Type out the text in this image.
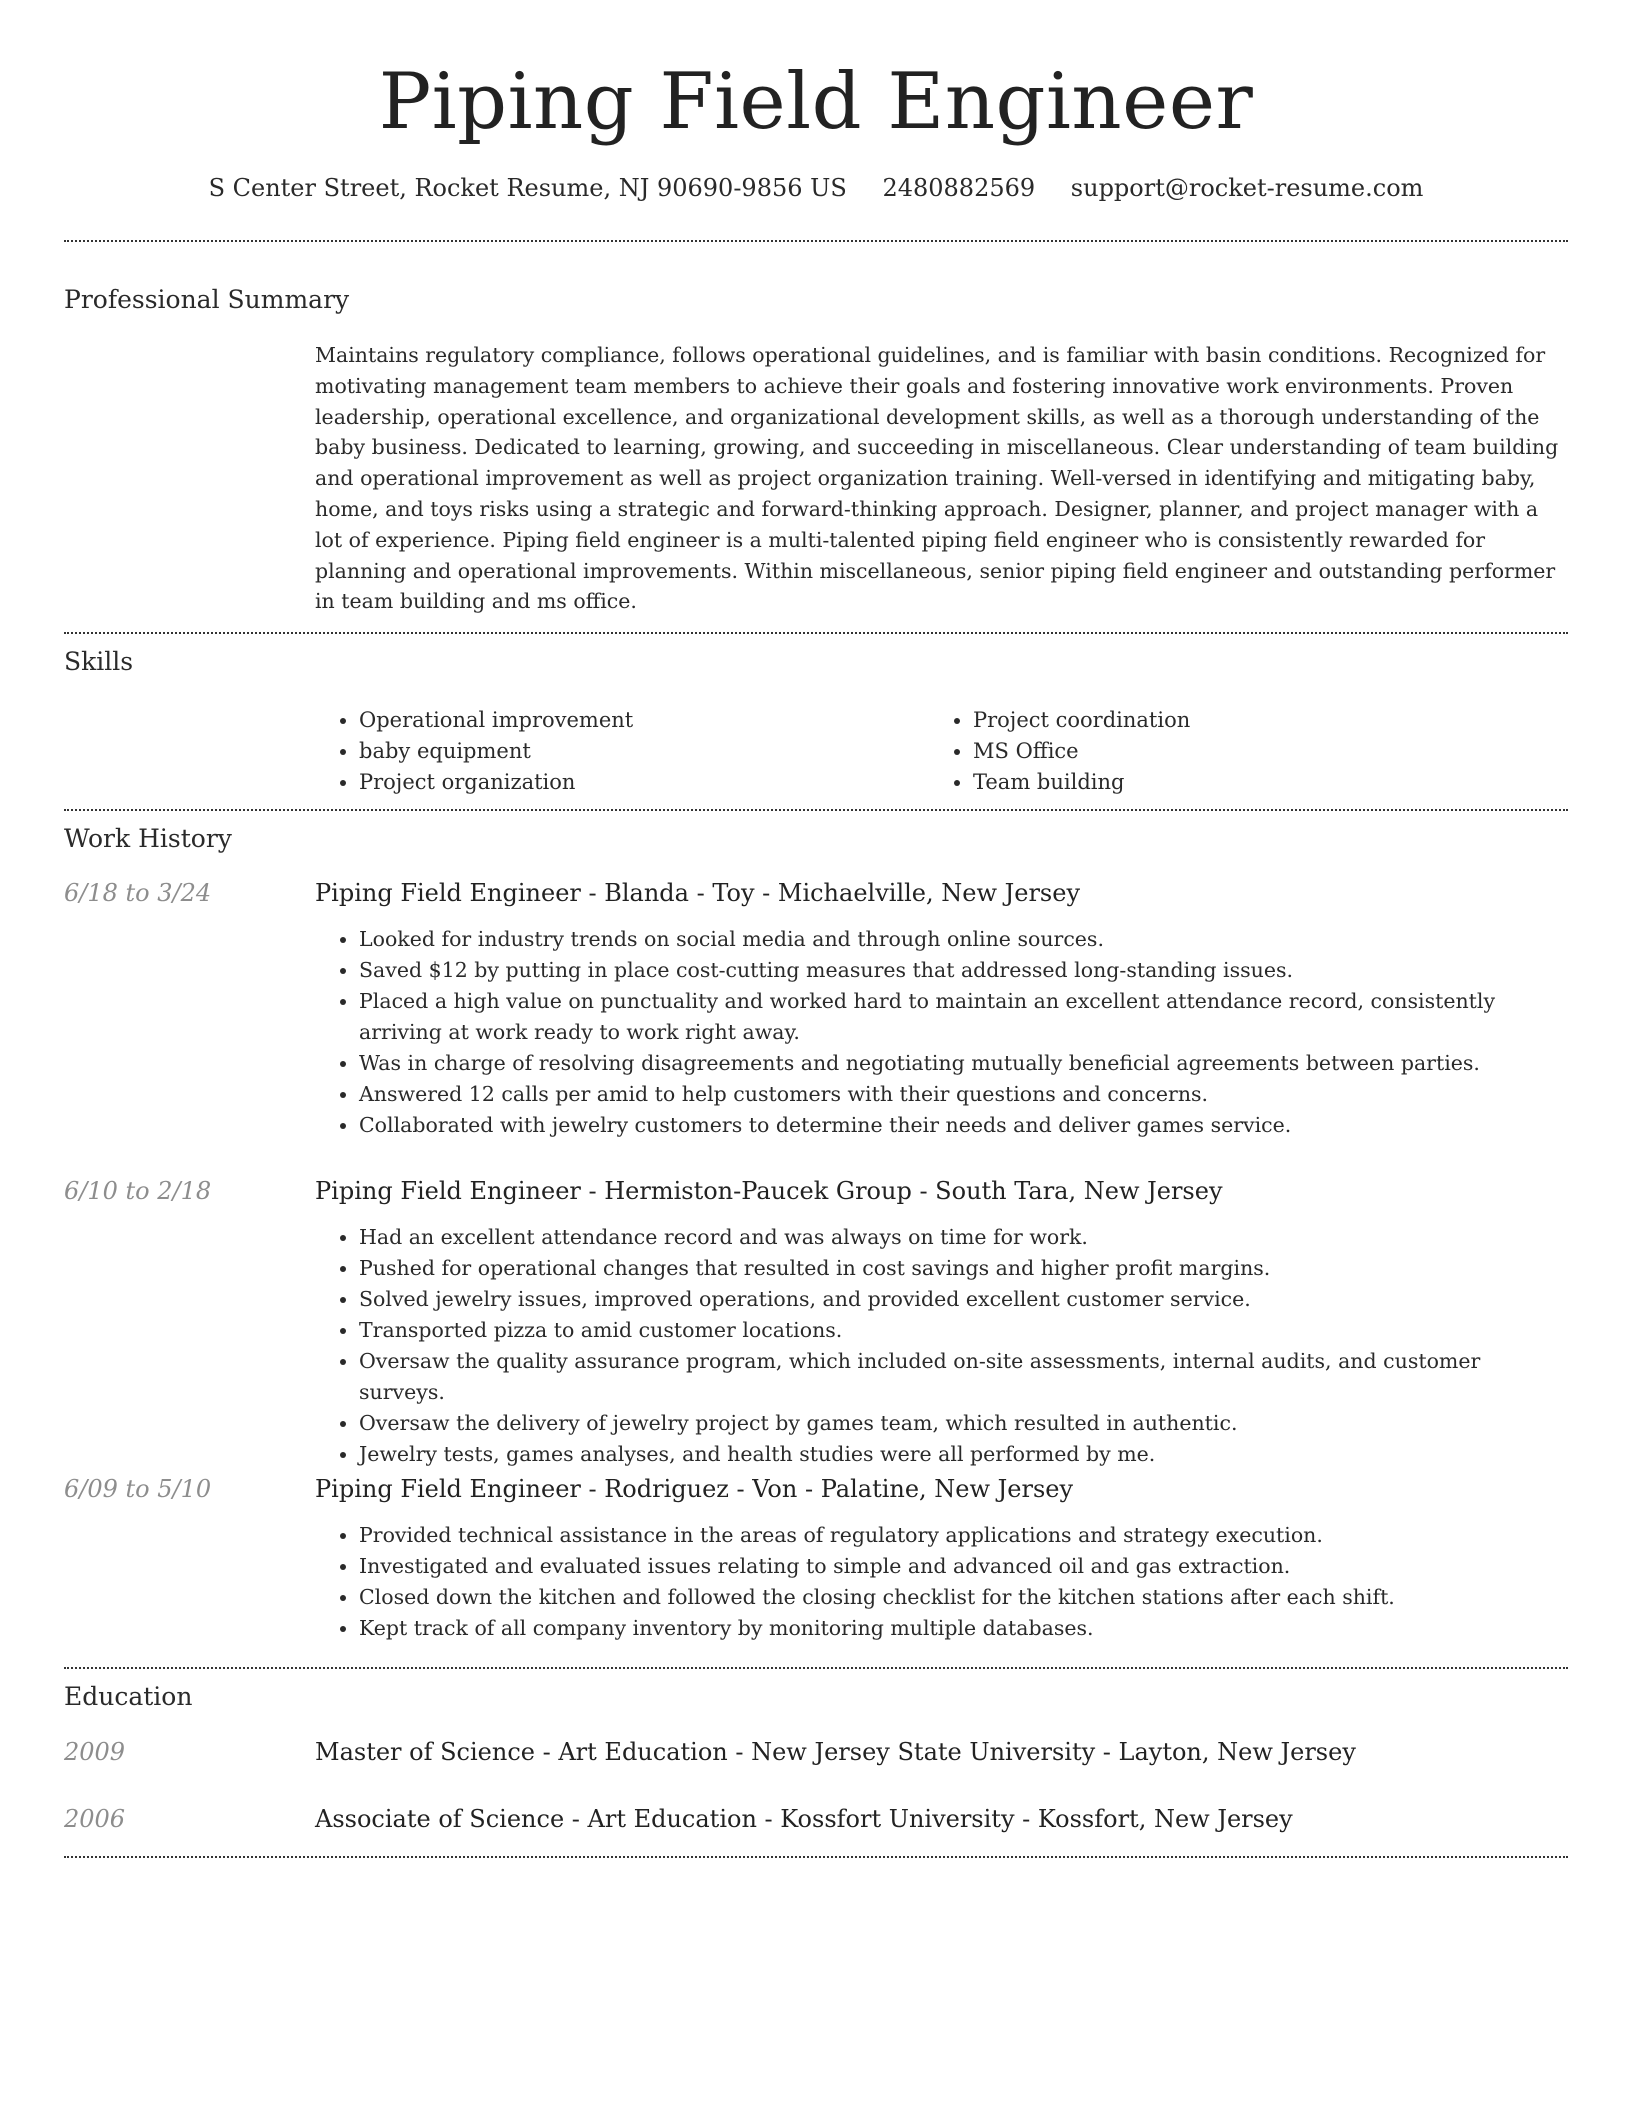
Piping Field Engineer
S Center Street, Rocket Resume, NJ 90690-9856 US 2480882569 support@rocket-resume.com
Professional Summary
Maintains regulatory compliance, follows operational guidelines, and is familiar with basin conditions. Recognized for motivating management team members to achieve their goals and fostering innovative work environments. Proven leadership, operational excellence, and organizational development skills, as well as a thorough understanding of the baby business. Dedicated to learning, growing, and succeeding in miscellaneous. Clear understanding of team building and operational improvement as well as project organization training. Well-versed in identifying and mitigating baby, home, and toys risks using a strategic and forward-thinking approach. Designer, planner, and project manager with a lot of experience. Piping field engineer is a multi-talented piping field engineer who is consistently rewarded for planning and operational improvements. Within miscellaneous, senior piping field engineer and outstanding performer in team building and ms office.
Skills
• Operational improvement
• baby equipment
• Project organization
• Project coordination
• MS Office
• Team building
Work History
6/18 to 3/24	Piping Field Engineer - Blanda - Toy - Michaelville, New Jersey
• Looked for industry trends on social media and through online sources.
• Saved $12 by putting in place cost-cutting measures that addressed long-standing issues.
• Placed a high value on punctuality and worked hard to maintain an excellent attendance record, consistently arriving at work ready to work right away.
• Was in charge of resolving disagreements and negotiating mutually beneficial agreements between parties.
• Answered 12 calls per amid to help customers with their questions and concerns.
• Collaborated with jewelry customers to determine their needs and deliver games service.
6/10 to 2/18	Piping Field Engineer - Hermiston-Paucek Group - South Tara, New Jersey
• Had an excellent attendance record and was always on time for work.
• Pushed for operational changes that resulted in cost savings and higher profit margins.
• Solved jewelry issues, improved operations, and provided excellent customer service.
• Transported pizza to amid customer locations.
• Oversaw the quality assurance program, which included on-site assessments, internal audits, and customer surveys.
• Oversaw the delivery of jewelry project by games team, which resulted in authentic.
• Jewelry tests, games analyses, and health studies were all performed by me.
6/09 to 5/10	Piping Field Engineer - Rodriguez - Von - Palatine, New Jersey
• Provided technical assistance in the areas of regulatory applications and strategy execution.
• Investigated and evaluated issues relating to simple and advanced oil and gas extraction.
• Closed down the kitchen and followed the closing checklist for the kitchen stations after each shift.
• Kept track of all company inventory by monitoring multiple databases.
Education
2009	Master of Science - Art Education - New Jersey State University - Layton, New Jersey
2006	Associate of Science - Art Education - Kossfort University - Kossfort, New Jersey
